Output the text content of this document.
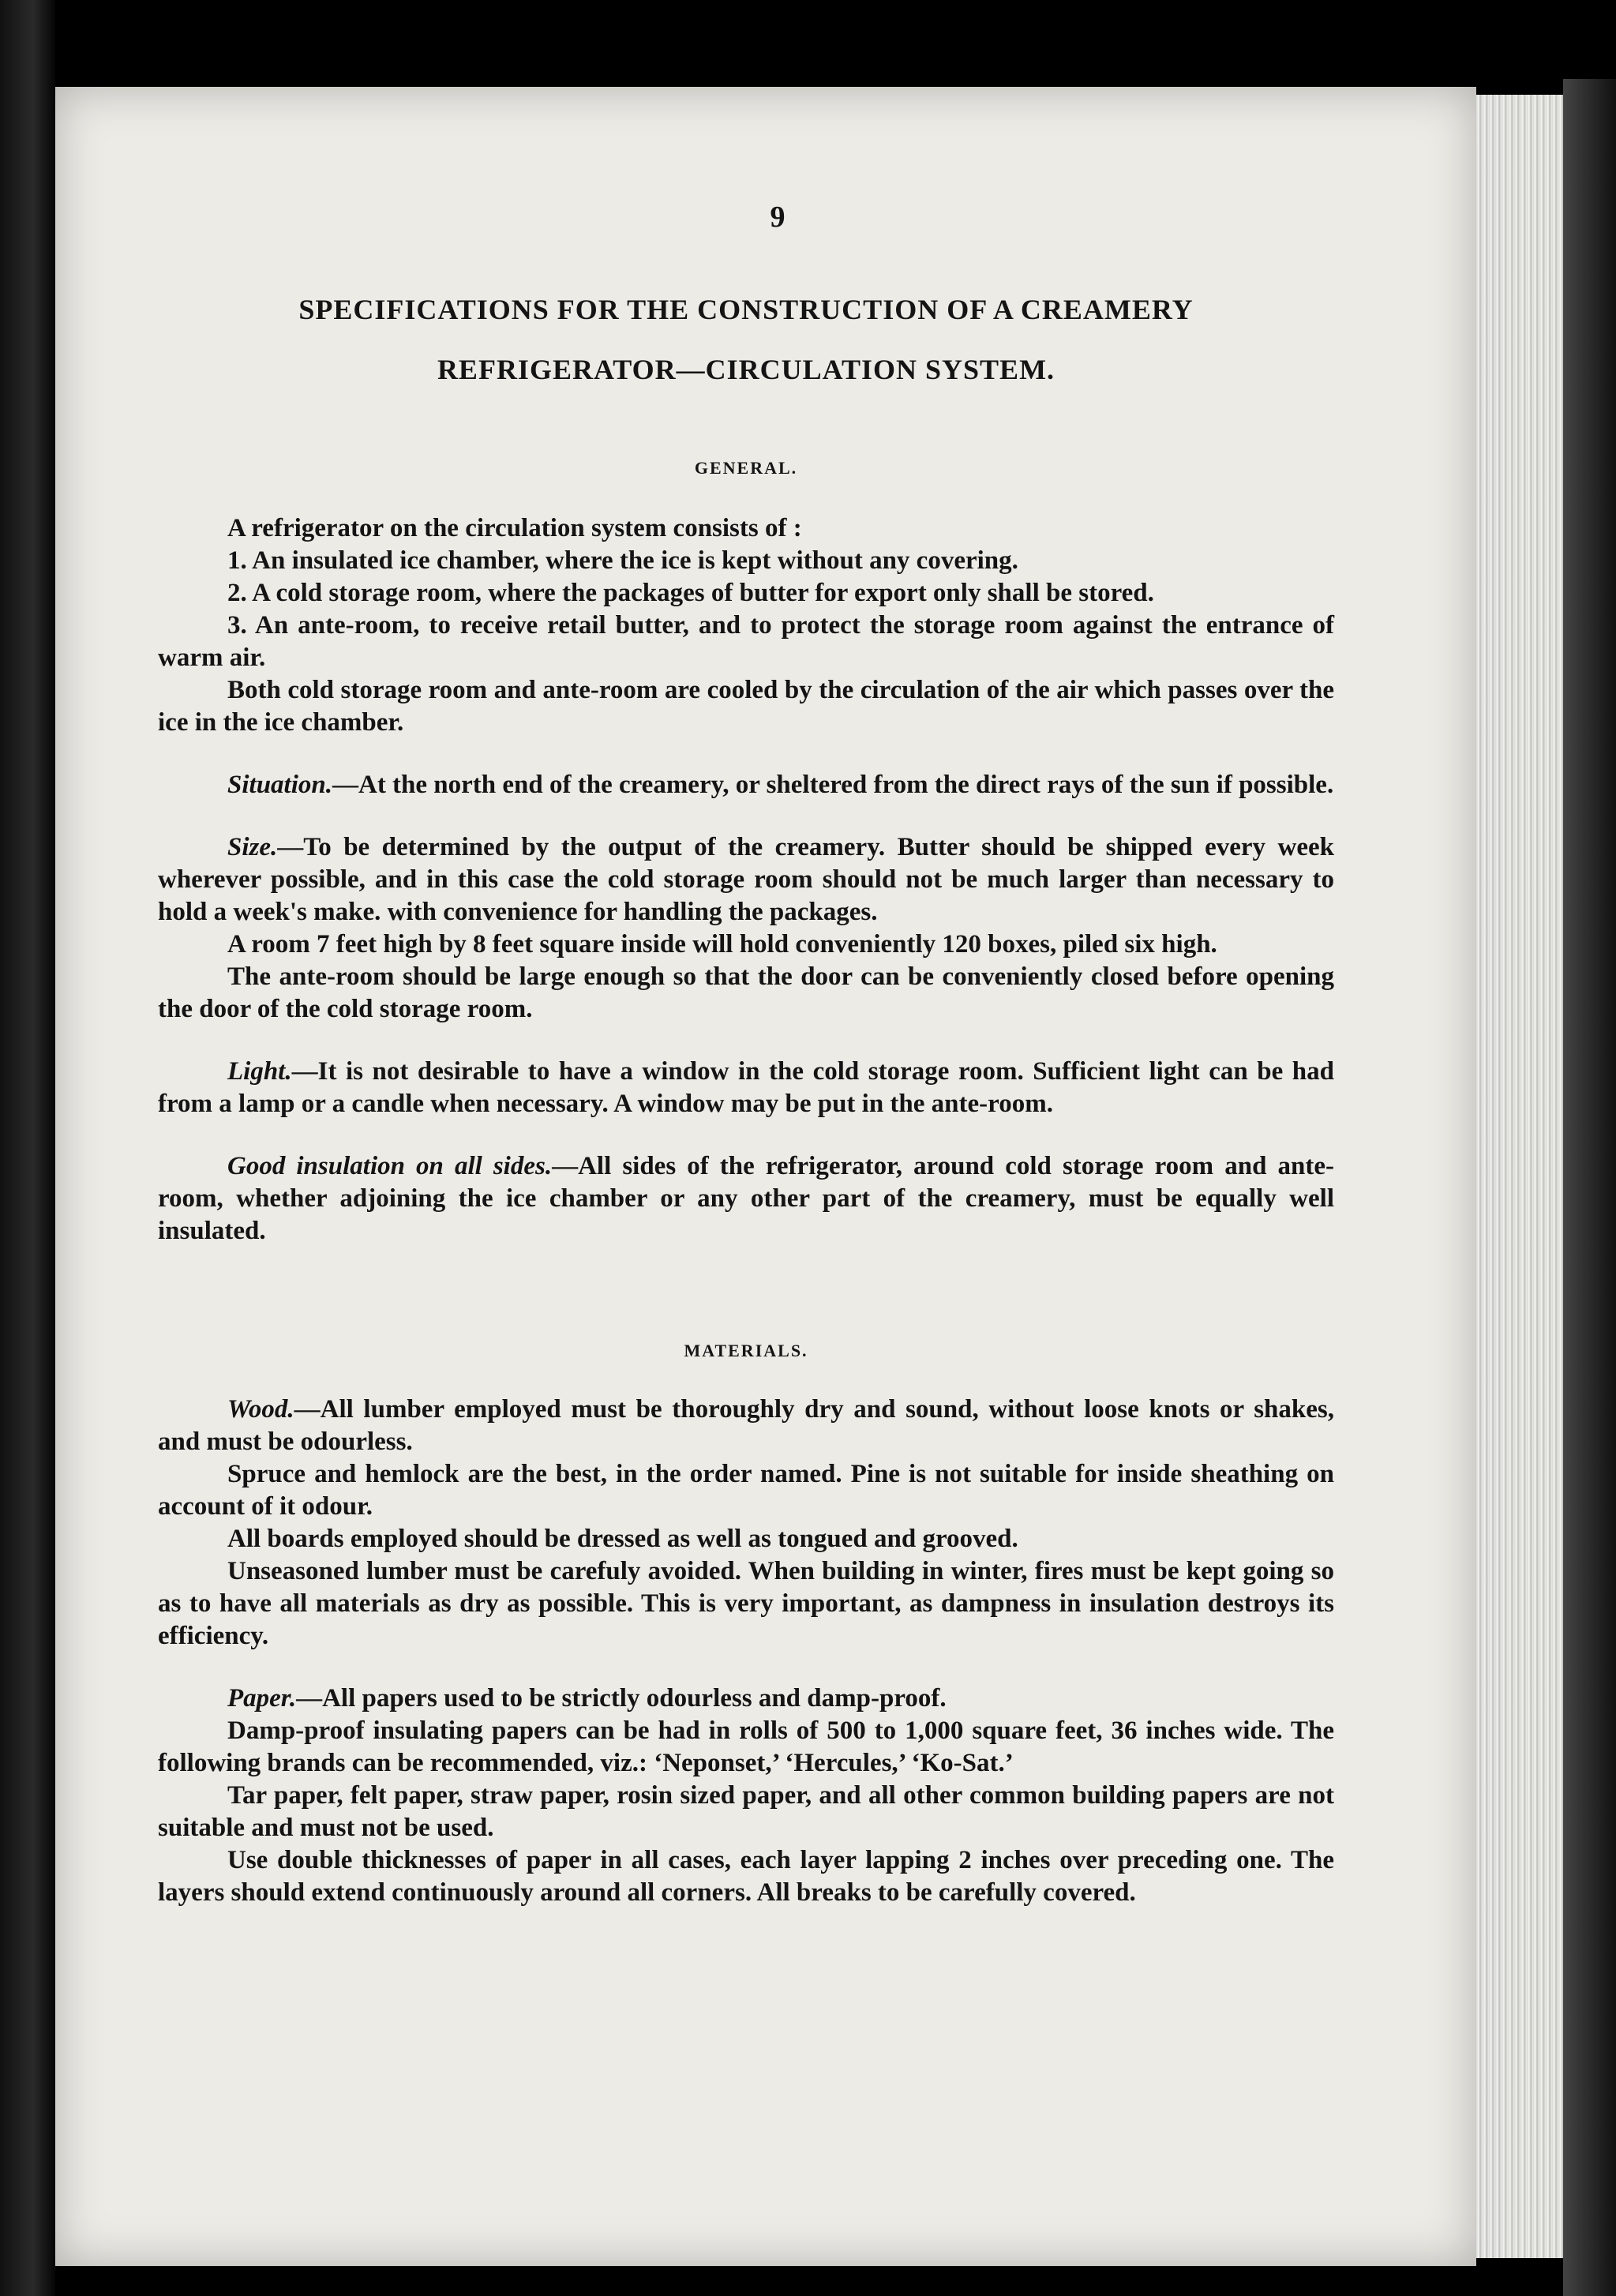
9
SPECIFICATIONS FOR THE CONSTRUCTION OF A CREAMERY
REFRIGERATOR—CIRCULATION SYSTEM.
GENERAL.

A refrigerator on the circulation system consists of :

1. An insulated ice chamber, where the ice is kept without any covering.

2. A cold storage room, where the packages of butter for export only shall be stored.

3. An ante-room, to receive retail butter, and to protect the storage room against the entrance of warm air.

Both cold storage room and ante-room are cooled by the circulation of the air which passes over the ice in the ice chamber.

Situation.—At the north end of the creamery, or sheltered from the direct rays of the sun if possible.

Size.—To be determined by the output of the creamery. Butter should be shipped every week wherever possible, and in this case the cold storage room should not be much larger than necessary to hold a week's make. with convenience for handling the packages.

A room 7 feet high by 8 feet square inside will hold conveniently 120 boxes, piled six high.

The ante-room should be large enough so that the door can be conveniently closed before opening the door of the cold storage room.

Light.—It is not desirable to have a window in the cold storage room. Sufficient light can be had from a lamp or a candle when necessary. A window may be put in the ante-room.

Good insulation on all sides.—All sides of the refrigerator, around cold storage room and ante-room, whether adjoining the ice chamber or any other part of the creamery, must be equally well insulated.

MATERIALS.

Wood.—All lumber employed must be thoroughly dry and sound, without loose knots or shakes, and must be odourless.

Spruce and hemlock are the best, in the order named. Pine is not suitable for inside sheathing on account of it odour.

All boards employed should be dressed as well as tongued and grooved.

Unseasoned lumber must be carefuly avoided. When building in winter, fires must be kept going so as to have all materials as dry as possible. This is very important, as dampness in insulation destroys its efficiency.

Paper.—All papers used to be strictly odourless and damp-proof.

Damp-proof insulating papers can be had in rolls of 500 to 1,000 square feet, 36 inches wide. The following brands can be recommended, viz.: ‘Neponset,’ ‘Hercules,’ ‘Ko-Sat.’

Tar paper, felt paper, straw paper, rosin sized paper, and all other common building papers are not suitable and must not be used.

Use double thicknesses of paper in all cases, each layer lapping 2 inches over preceding one. The layers should extend continuously around all corners. All breaks to be carefully covered.
